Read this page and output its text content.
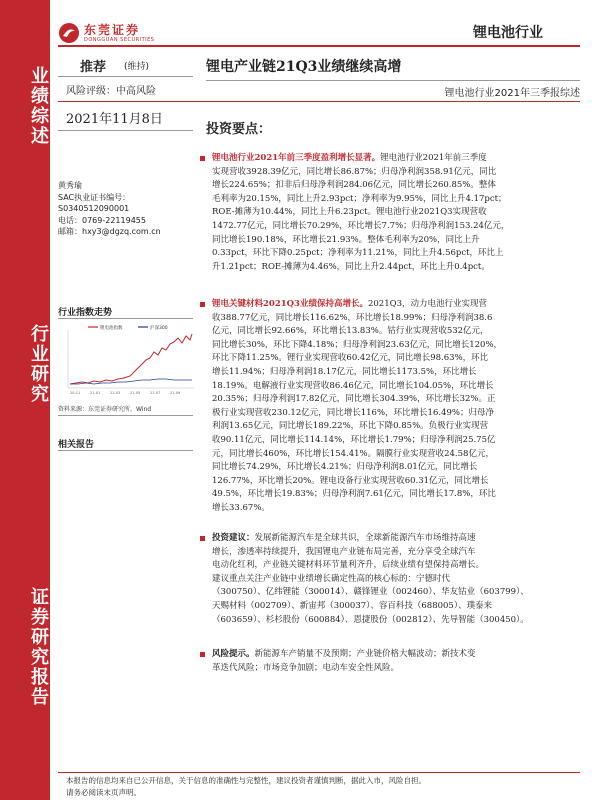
业绩综述
行业研究
证券研究报告
东莞证券
DONGGUAN SECURITIES	锂电池行业
推荐 (维持)
风险评级：中高风险
锂电产业链21Q3业绩继续高增
锂电池行业2021年三季报综述
2021年11月8日
黄秀瑜
SAC执业证书编号：
S0340512090001
电话：0769-22119455
邮箱：hxy3@dgzq.com.cn
行业指数走势
锂电池指数	沪深300
20-11	21-01	21-03	21-05	21-07	21-09
资料来源：东莞证券研究所，Wind
相关报告
投资要点：
锂电池行业2021年前三季度盈利增长显著。锂电池行业2021年前三季度
实现营收3928.39亿元，同比增长86.87%；归母净利润358.91亿元，同比
增长224.65%；扣非后归母净利润284.06亿元，同比增长260.85%。整体
毛利率为20.15%，同比上升2.93pct；净利率为9.95%，同比上升4.17pct；
ROE-摊薄为10.44%，同比上升6.23pct。锂电池行业2021Q3实现营收
1472.77亿元，同比增长70.29%，环比增长7.7%；归母净利润153.24亿元，
同比增长190.18%，环比增长21.93%。整体毛利率为20%，同比上升
0.33pct，环比下降0.25pct；净利率为11.21%，同比上升4.56pct，环比上
升1.21pct；ROE-摊薄为4.46%，同比上升2.44pct，环比上升0.4pct。
锂电关键材料2021Q3业绩保持高增长。2021Q3，动力电池行业实现营
收388.77亿元，同比增长116.62%，环比增长18.99%；归母净利润38.6
亿元，同比增长92.66%，环比增长13.83%。钴行业实现营收532亿元，
同比增长30%，环比下降4.18%；归母净利润23.63亿元，同比增长120%，
环比下降11.25%。锂行业实现营收60.42亿元，同比增长98.63%，环比
增长11.94%；归母净利润18.17亿元，同比增长1173.5%，环比增长
18.19%。电解液行业实现营收86.46亿元，同比增长104.05%，环比增长
20.35%；归母净利润17.82亿元，同比增长304.39%，环比增长32%。正
极行业实现营收230.12亿元，同比增长116%，环比增长16.49%；归母净
利润13.65亿元，同比增长189.22%，环比下降0.85%。负极行业实现营
收90.11亿元，同比增长114.14%，环比增长1.79%；归母净利润25.75亿
元，同比增长460%，环比增长154.41%。隔膜行业实现营收24.58亿元，
同比增长74.29%，环比增长4.21%；归母净利润8.01亿元，同比增长
126.77%，环比增长20%。锂电设备行业实现营收60.31亿元，同比增长
49.5%，环比增长19.83%；归母净利润7.61亿元，同比增长17.8%，环比
增长33.67%。
投资建议：发展新能源汽车是全球共识，全球新能源汽车市场维持高速
增长，渗透率持续提升，我国锂电产业链布局完善，充分享受全球汽车
电动化红利，产业链关键材料环节量利齐升，后续业绩有望保持高增长。
建议重点关注产业链中业绩增长确定性高的核心标的：宁德时代
（300750）、亿纬锂能（300014）、赣锋锂业（002460）、华友钴业（603799）、
天赐材料（002709）、新宙邦（300037）、容百科技（688005）、璞泰来
（603659）、杉杉股份（600884）、恩捷股份（002812）、先导智能（300450）。
风险提示。新能源车产销量不及预期；产业链价格大幅波动；新技术变
革迭代风险；市场竞争加剧；电动车安全性风险。
本报告的信息均来自已公开信息，关于信息的准确性与完整性，建议投资者谨慎判断，据此入市，风险自担。
请务必阅读末页声明。
